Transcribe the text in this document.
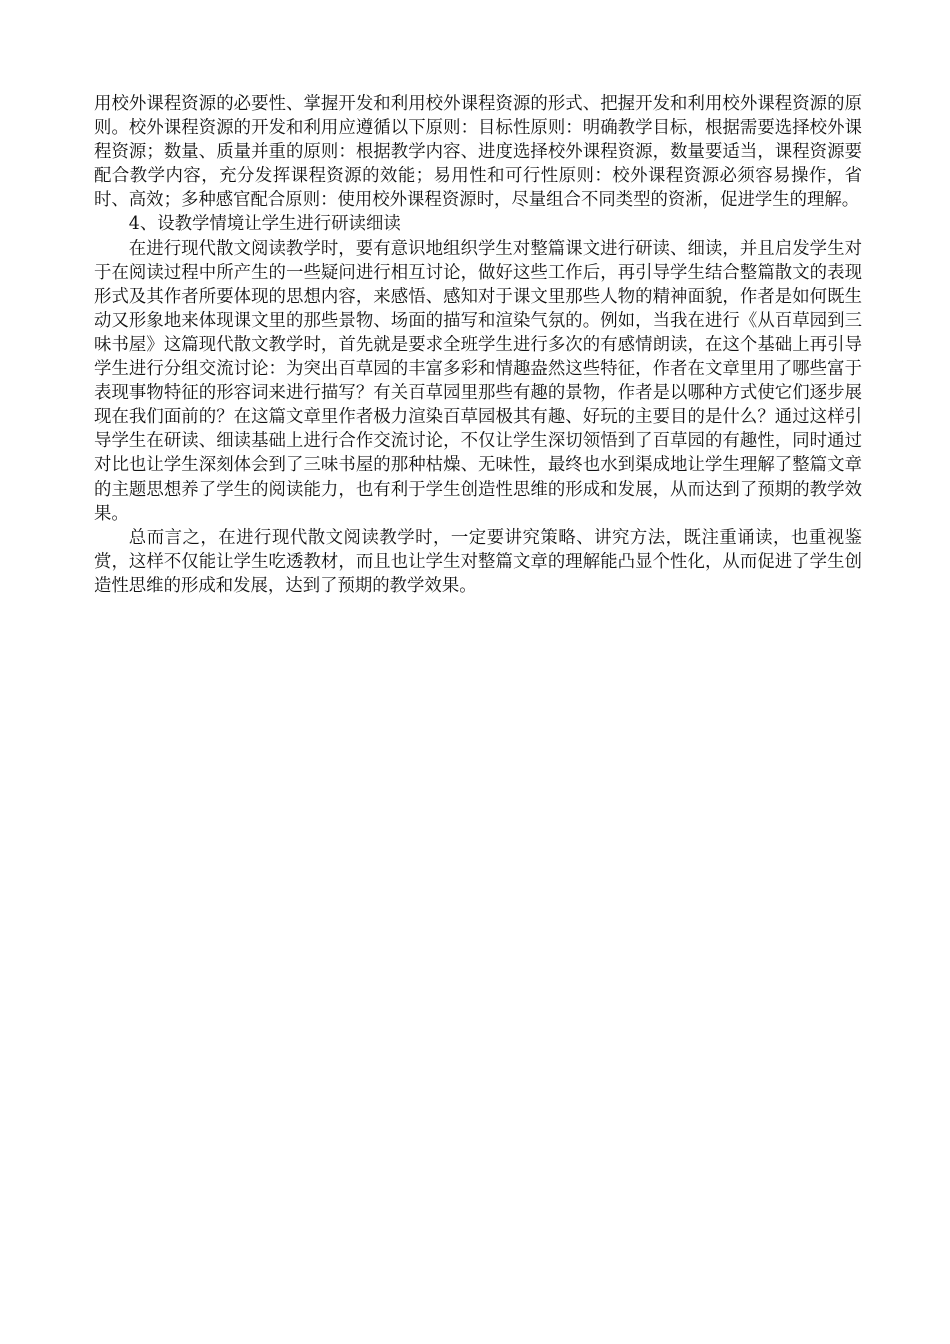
用校外课程资源的必要性、掌握开发和利用校外课程资源的形式、把握开发和利用校外课程资源的原则。校外课程资源的开发和利用应遵循以下原则：目标性原则：明确教学目标，根据需要选择校外课程资源；数量、质量并重的原则：根据教学内容、进度选择校外课程资源，数量要适当，课程资源要配合教学内容，充分发挥课程资源的效能；易用性和可行性原则：校外课程资源必须容易操作，省时、高效；多种感官配合原则：使用校外课程资源时，尽量组合不同类型的资淅，促进学生的理解。

4、设教学情境让学生进行研读细读

在进行现代散文阅读教学时，要有意识地组织学生对整篇课文进行研读、细读，并且启发学生对于在阅读过程中所产生的一些疑问进行相互讨论，做好这些工作后，再引导学生结合整篇散文的表现形式及其作者所要体现的思想内容，来感悟、感知对于课文里那些人物的精神面貌，作者是如何既生动又形象地来体现课文里的那些景物、场面的描写和渲染气氛的。例如，当我在进行《从百草园到三味书屋》这篇现代散文教学时，首先就是要求全班学生进行多次的有感情朗读，在这个基础上再引导学生进行分组交流讨论：为突出百草园的丰富多彩和情趣盎然这些特征，作者在文章里用了哪些富于表现事物特征的形容词来进行描写？有关百草园里那些有趣的景物，作者是以哪种方式使它们逐步展现在我们面前的？在这篇文章里作者极力渲染百草园极其有趣、好玩的主要目的是什么？通过这样引导学生在研读、细读基础上进行合作交流讨论，不仅让学生深切领悟到了百草园的有趣性，同时通过对比也让学生深刻体会到了三味书屋的那种枯燥、无味性，最终也水到渠成地让学生理解了整篇文章的主题思想养了学生的阅读能力，也有利于学生创造性思维的形成和发展，从而达到了预期的教学效果。

总而言之，在进行现代散文阅读教学时，一定要讲究策略、讲究方法，既注重诵读，也重视鉴赏，这样不仅能让学生吃透教材，而且也让学生对整篇文章的理解能凸显个性化，从而促进了学生创造性思维的形成和发展，达到了预期的教学效果。
